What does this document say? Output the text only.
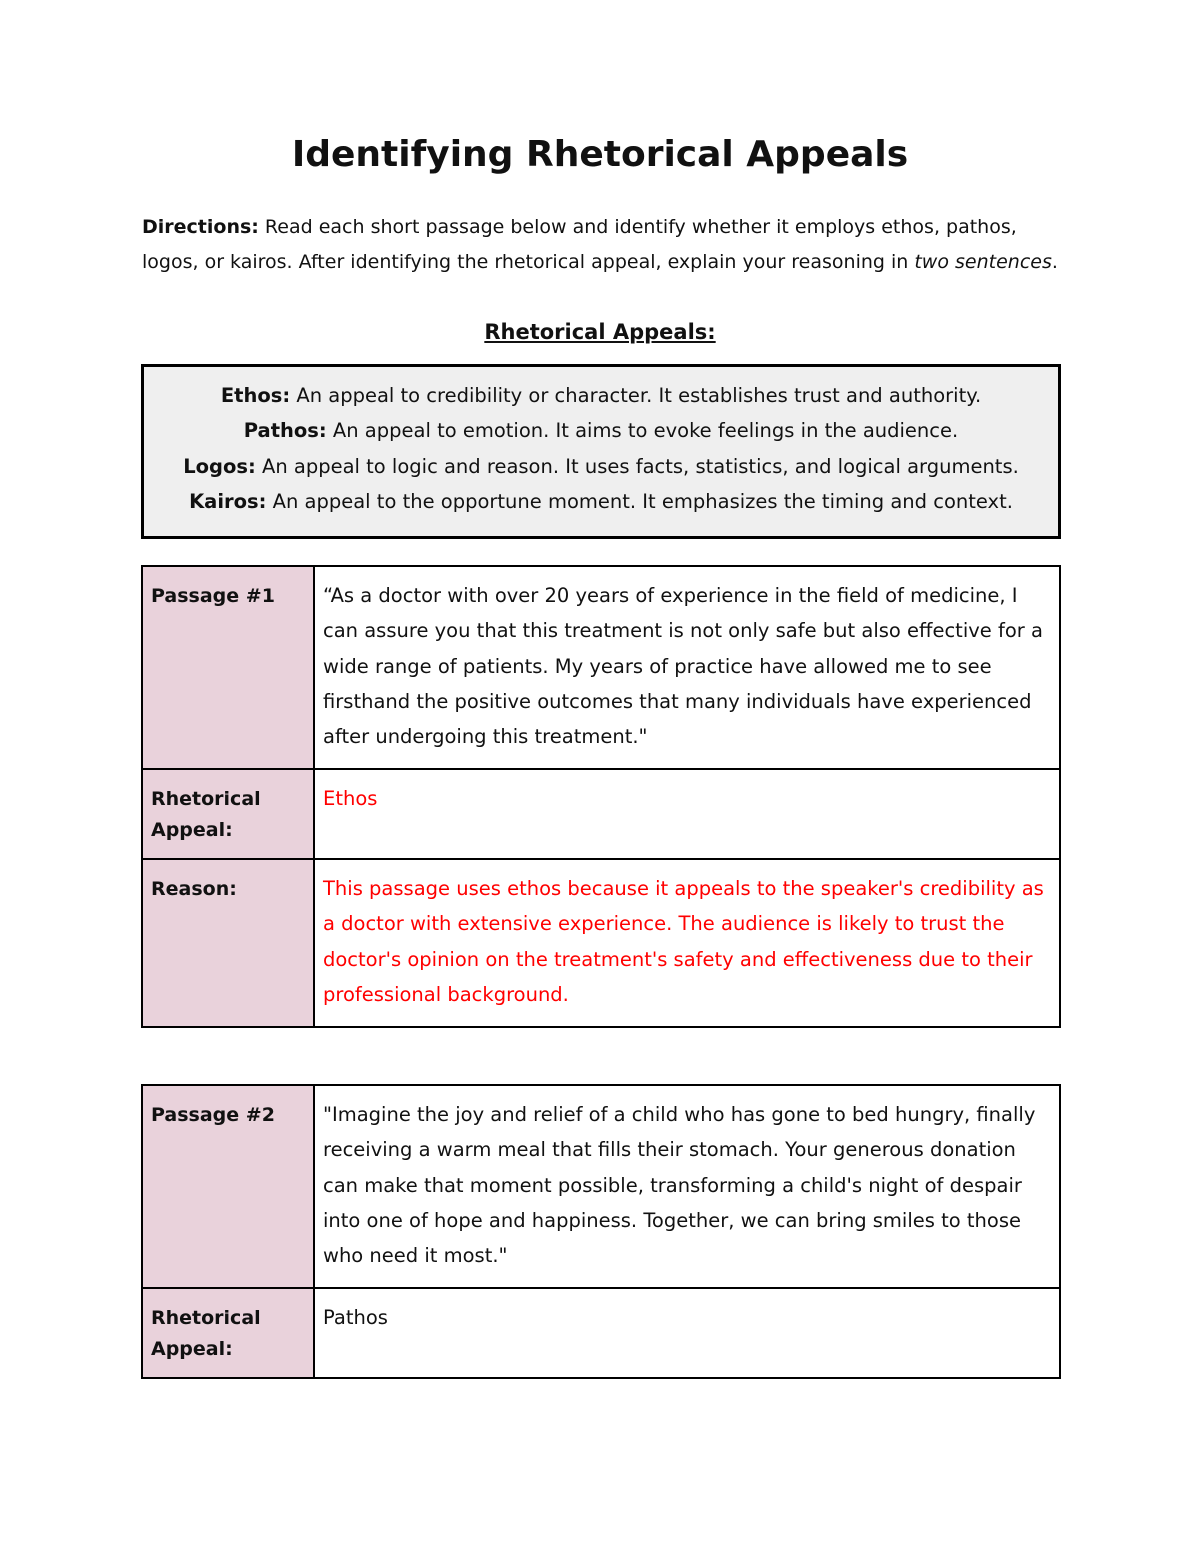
Identifying Rhetorical Appeals

Directions: Read each short passage below and identify whether it employs ethos, pathos, logos, or kairos. After identifying the rhetorical appeal, explain your reasoning in two sentences.

Rhetorical Appeals:
Ethos: An appeal to credibility or character. It establishes trust and authority.
Pathos: An appeal to emotion. It aims to evoke feelings in the audience.
Logos: An appeal to logic and reason. It uses facts, statistics, and logical arguments.
Kairos: An appeal to the opportune moment. It emphasizes the timing and context.
Passage #1	“As a doctor with over 20 years of experience in the field of medicine, I can assure you that this treatment is not only safe but also effective for a wide range of patients. My years of practice have allowed me to see firsthand the positive outcomes that many individuals have experienced after undergoing this treatment."
Rhetorical Appeal:	Ethos
Reason:	This passage uses ethos because it appeals to the speaker's credibility as a doctor with extensive experience. The audience is likely to trust the doctor's opinion on the treatment's safety and effectiveness due to their professional background.
Passage #2	"Imagine the joy and relief of a child who has gone to bed hungry, finally receiving a warm meal that fills their stomach. Your generous donation can make that moment possible, transforming a child's night of despair into one of hope and happiness. Together, we can bring smiles to those who need it most."
Rhetorical Appeal:	Pathos
